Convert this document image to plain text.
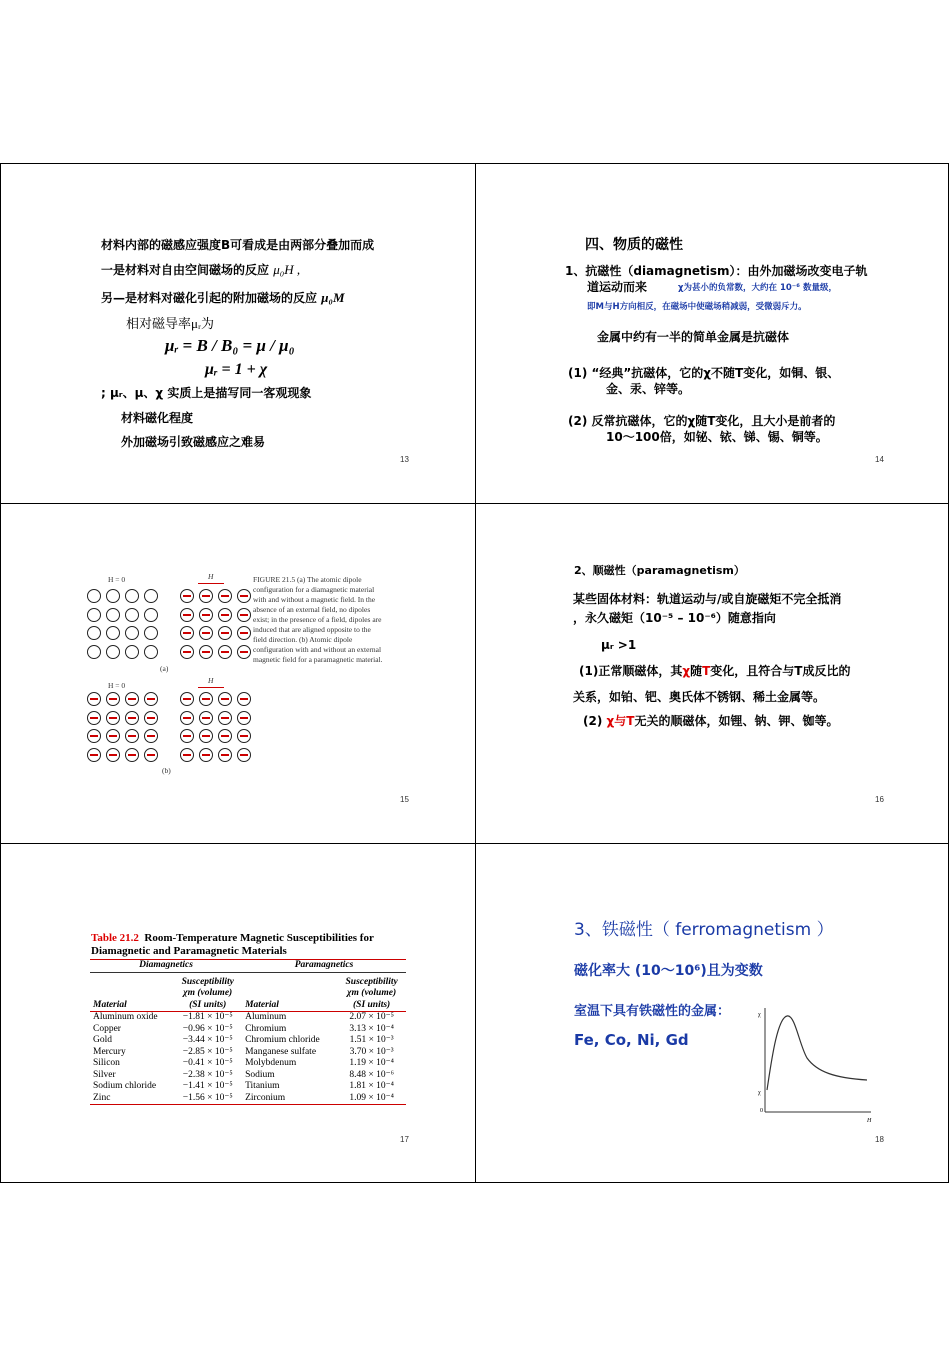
材料内部的磁感应强度B可看成是由两部分叠加而成
一是材料对自由空间磁场的反应 μ₀H ,
另—是材料对磁化引起的附加磁场的反应 μ₀M
相对磁导率μᵣ为
μᵣ = B / B₀ = μ / μ₀
μᵣ = 1 + χ
; μᵣ、μ、χ 实质上是描写同一客观现象
材料磁化程度
外加磁场引致磁感应之难易
13
四、物质的磁性
1、抗磁性（diamagnetism）：由外加磁场改变电子轨
道运动而来	χ为甚小的负常数，大约在 10⁻⁶ 数量级，
即M与H方向相反，在磁场中使磁场稍减弱，受微弱斥力。
金属中约有一半的简单金属是抗磁体
(1) “经典”抗磁体，它的χ不随T变化，如铜、银、
金、汞、锌等。
(2) 反常抗磁体，它的χ随T变化，且大小是前者的
10～100倍，如铋、铱、锑、锡、铜等。
14
H = 0	H
(a)
H = 0
H
(b)
FIGURE 21.5 (a) The atomic dipole
configuration for a diamagnetic material
with and without a magnetic field. In the
absence of an external field, no dipoles
exist; in the presence of a field, dipoles are
induced that are aligned opposite to the
field direction. (b) Atomic dipole
configuration with and without an external
magnetic field for a paramagnetic material.
15
2、顺磁性（paramagnetism）
某些固体材料：轨道运动与/或自旋磁矩不完全抵消
，永久磁矩（10⁻⁵ – 10⁻⁶）随意指向
μᵣ >1
(1)正常顺磁体，其χ随T变化，且符合与T成反比的
关系，如铂、钯、奥氏体不锈钢、稀土金属等。
(2) χ与T无关的顺磁体，如锂、钠、钾、铷等。
16
Table 21.2 Room-Temperature Magnetic Susceptibilities for
Diamagnetic and Paramagnetic Materials
Diamagnetics		Paramagnetics	

	Susceptibility		Susceptibility
	χm (volume)		χm (volume)
Material	(SI units)	Material	(SI units)
Aluminum oxide	−1.81 × 10⁻⁵	Aluminum	2.07 × 10⁻⁵
Copper	−0.96 × 10⁻⁵	Chromium	3.13 × 10⁻⁴
Gold	−3.44 × 10⁻⁵	Chromium chloride	1.51 × 10⁻³
Mercury	−2.85 × 10⁻⁵	Manganese sulfate	3.70 × 10⁻³
Silicon	−0.41 × 10⁻⁵	Molybdenum	1.19 × 10⁻⁴
Silver	−2.38 × 10⁻⁵	Sodium	8.48 × 10⁻⁶
Sodium chloride	−1.41 × 10⁻⁵	Titanium	1.81 × 10⁻⁴
Zinc	−1.56 × 10⁻⁵	Zirconium	1.09 × 10⁻⁴
17
3、铁磁性（ ferromagnetism ）
磁化率大 (10～10⁶)且为变数
室温下具有铁磁性的金属：
Fe, Co, Ni, Gd
χ
χ
0
H
18
